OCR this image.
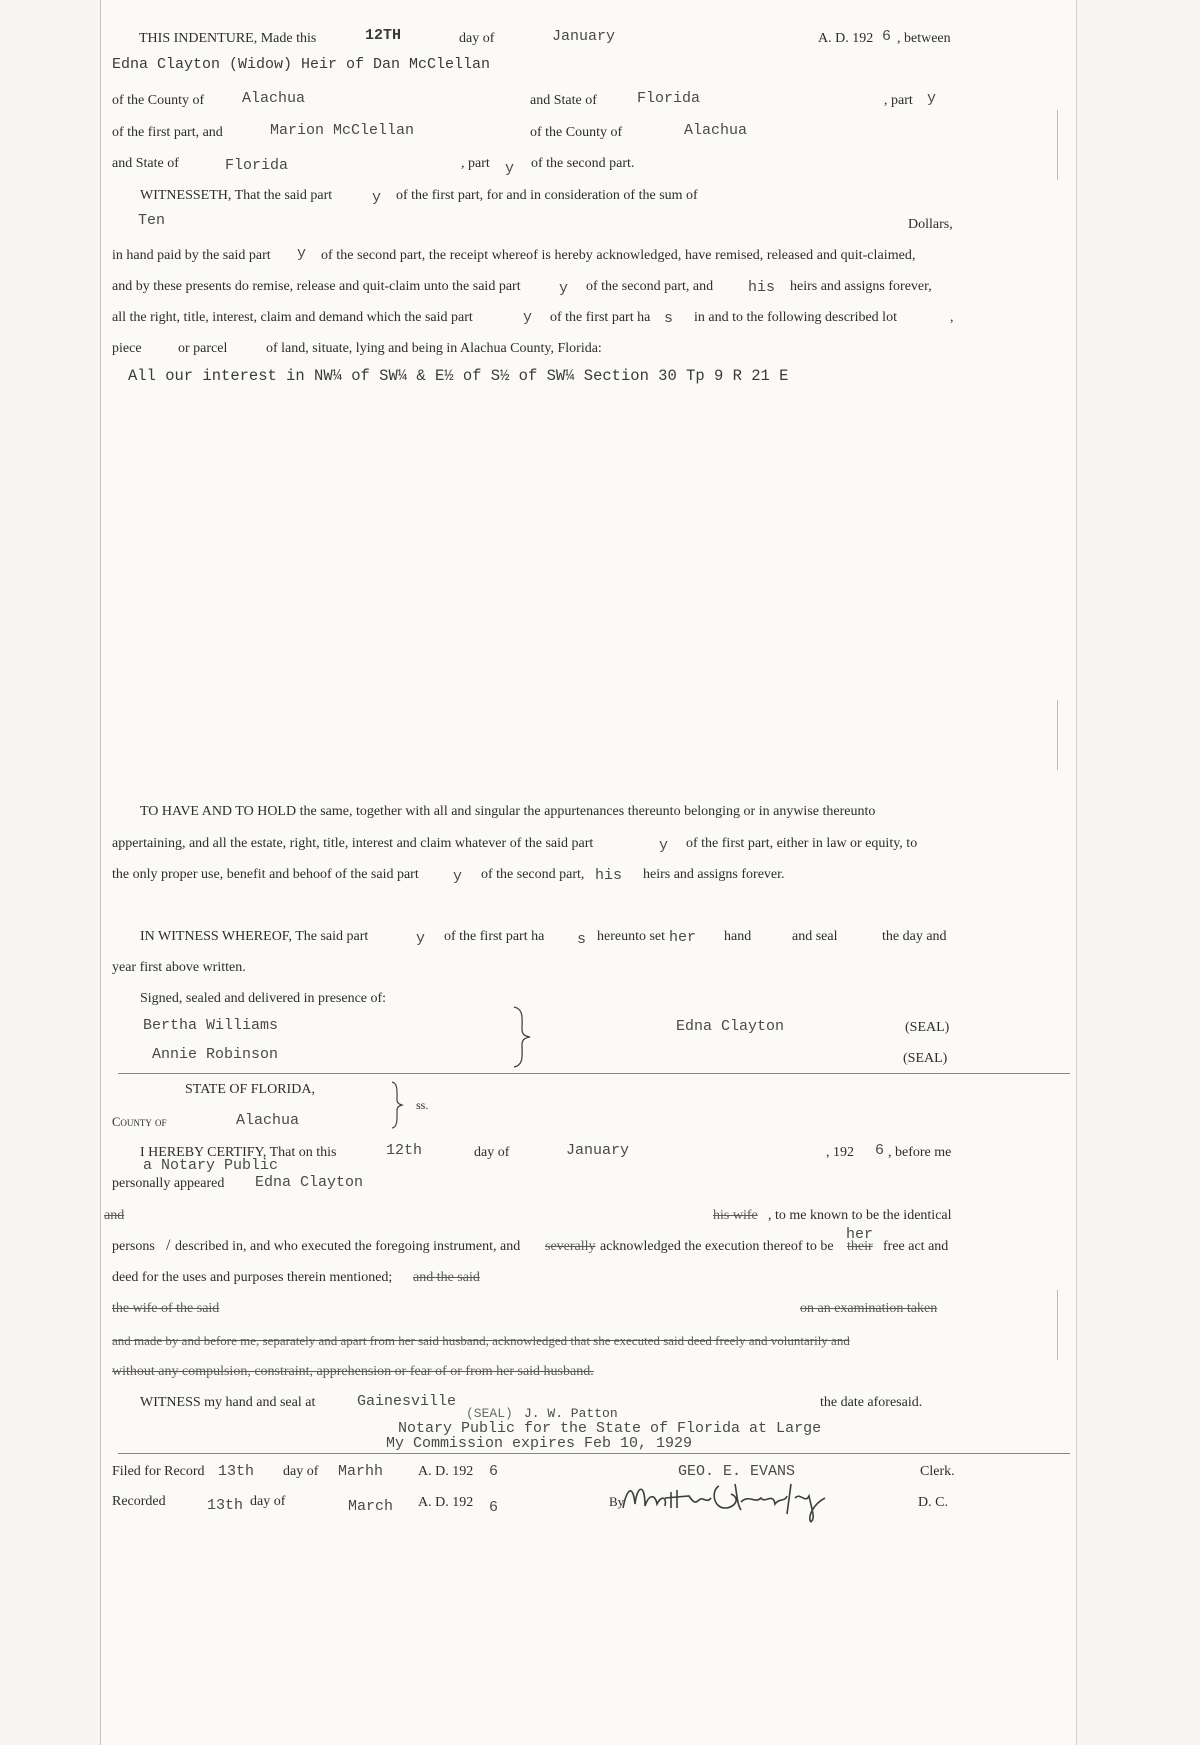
THIS INDENTURE, Made this	12TH	day of	January	A. D. 192 6 , between
Edna Clayton (Widow) Heir of Dan McClellan
of the County of	Alachua	and State of	Florida	, part y
of the first part, and	Marion McClellan	of the County of	Alachua
and State of	Florida	, part y of the second part.
WITNESSETH, That the said part	y of the first part, for and in consideration of the sum of
Ten	Dollars,
in hand paid by the said part y of the second part, the receipt whereof is hereby acknowledged, have remised, released and quit-claimed,
and by these presents do remise, release and quit-claim unto the said part	y of the second part, and his heirs and assigns forever,
all the right, title, interest, claim and demand which the said part	y of the first part ha s in and to the following described lot	,
piece	or parcel	of land, situate, lying and being in Alachua County, Florida:
All our interest in NW¼ of SW¼ & E½ of S½ of SW¼ Section 30 Tp 9 R 21 E
TO HAVE AND TO HOLD the same, together with all and singular the appurtenances thereunto belonging or in anywise thereunto
appertaining, and all the estate, right, title, interest and claim whatever of the said part	y of the first part, either in law or equity, to
the only proper use, benefit and behoof of the said part y of the second part, his heirs and assigns forever.
IN WITNESS WHEREOF, The said part	y of the first part ha s hereunto set her hand	and seal	the day and
year first above written.
Signed, sealed and delivered in presence of:
Bertha Williams
Annie Robinson
Edna Clayton	(SEAL)
(SEAL)
STATE OF FLORIDA,
ss.
County of	Alachua
I HEREBY CERTIFY, That on this	12th	day of	January	, 192 6 , before me
a Notary Public
personally appeared Edna Clayton
and	his wife , to me known to be the identical
persons / described in, and who executed the foregoing instrument, and severally acknowledged the execution thereof to be
her
their free act and
deed for the uses and purposes therein mentioned; and the said
the wife of the said	on an examination taken
and made by and before me, separately and apart from her said husband, acknowledged that she executed said deed freely and voluntarily and
without any compulsion, constraint, apprehension or fear of or from her said husband.
WITNESS my hand and seal at	Gainesville	the date aforesaid.
(SEAL) J. W. Patton
Notary Public for the State of Florida at Large
My Commission expires Feb 10, 1929
Filed for Record 13th day of Marhh A. D. 192 6	GEO. E. EVANS	Clerk.
Recorded	13th day of	March A. D. 192 6	By	D. C.
